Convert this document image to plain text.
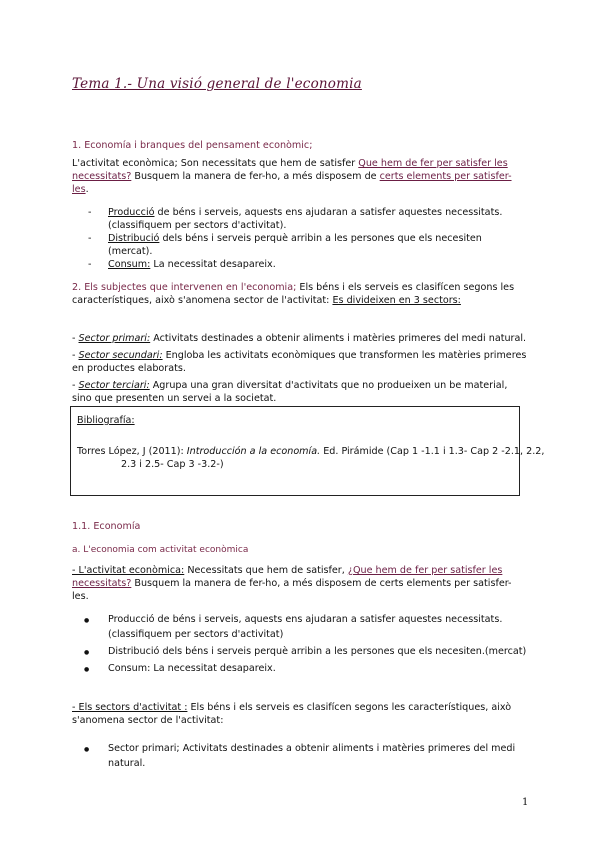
Tema 1.- Una visió general de l'economia
1. Economía i branques del pensament econòmic;
L'activitat econòmica; Son necessitats que hem de satisfer Que hem de fer per satisfer les necessitats? Busquem la manera de fer-ho, a més disposem de certs elements per satisfer-les.
- Producció de béns i serveis, aquests ens ajudaran a satisfer aquestes necessitats.(classifiquem per sectors d'activitat).
- Distribució dels béns i serveis perquè arribin a les persones que els necesiten (mercat).
- Consum: La necessitat desapareix.
2. Els subjectes que intervenen en l'economia; Els béns i els serveis es clasifícen segons les característiques, això s'anomena sector de l'activitat: Es divideixen en 3 sectors:
- Sector primari: Activitats destinades a obtenir aliments i matèries primeres del medi natural.
- Sector secundari: Engloba les activitats econòmiques que transformen les matèries primeres en productes elaborats.
- Sector terciari: Agrupa una gran diversitat d'activitats que no produeixen un be material, sino que presenten un servei a la societat.
Bibliografía:
Torres López, J (2011): Introducción a la economía. Ed. Pirámide (Cap 1 -1.1 i 1.3- Cap 2 -2.1, 2.2, 2.3 i 2.5- Cap 3 -3.2-)
1.1. Economía
a. L'economia com activitat econòmica
- L'activitat econòmica: Necessitats que hem de satisfer, ¿Que hem de fer per satisfer les necessitats? Busquem la manera de fer-ho, a més disposem de certs elements per satisfer-les.
● Producció de béns i serveis, aquests ens ajudaran a satisfer aquestes necessitats.(classifiquem per sectors d'activitat)
● Distribució dels béns i serveis perquè arribin a les persones que els necesiten.(mercat)
● Consum: La necessitat desapareix.
- Els sectors d'activitat : Els béns i els serveis es clasifícen segons les característiques, això s'anomena sector de l'activitat:
● Sector primari; Activitats destinades a obtenir aliments i matèries primeres del medi natural.
1
